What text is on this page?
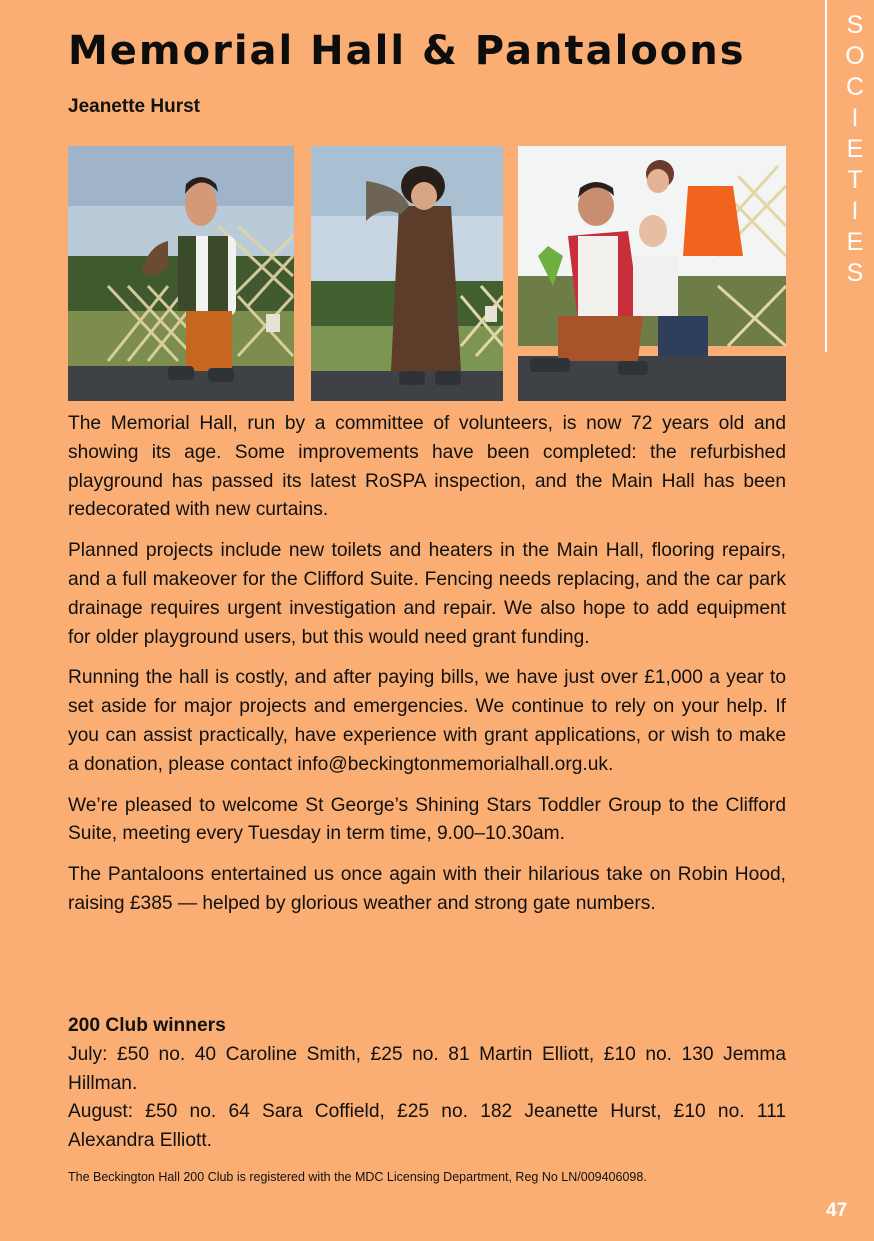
Memorial Hall & Pantaloons
Jeanette Hurst
S
O
C
I
E
T
I
E
S

The Memorial Hall, run by a committee of volunteers, is now 72 years old and showing its age. Some improvements have been completed: the refurbished playground has passed its latest RoSPA inspection, and the Main Hall has been redecorated with new curtains.

Planned projects include new toilets and heaters in the Main Hall, flooring repairs, and a full makeover for the Clifford Suite. Fencing needs replacing, and the car park drainage requires urgent investigation and repair. We also hope to add equipment for older playground users, but this would need grant funding.

Running the hall is costly, and after paying bills, we have just over £1,000 a year to set aside for major projects and emergencies. We continue to rely on your help. If you can assist practically, have experience with grant applications, or wish to make a donation, please contact info@beckingtonmemorialhall.org.uk.

We’re pleased to welcome St George’s Shining Stars Toddler Group to the Clifford Suite, meeting every Tuesday in term time, 9.00–10.30am.

The Pantaloons entertained us once again with their hilarious take on Robin Hood, raising £385 — helped by glorious weather and strong gate numbers.

200 Club winners
July: £50 no. 40 Caroline Smith, £25 no. 81 Martin Elliott, £10 no. 130 Jemma Hillman.
August: £50 no. 64 Sara Coffield, £25 no. 182 Jeanette Hurst, £10 no. 111 Alexandra Elliott.
The Beckington Hall 200 Club is registered with the MDC Licensing Department, Reg No LN/009406098.
47
